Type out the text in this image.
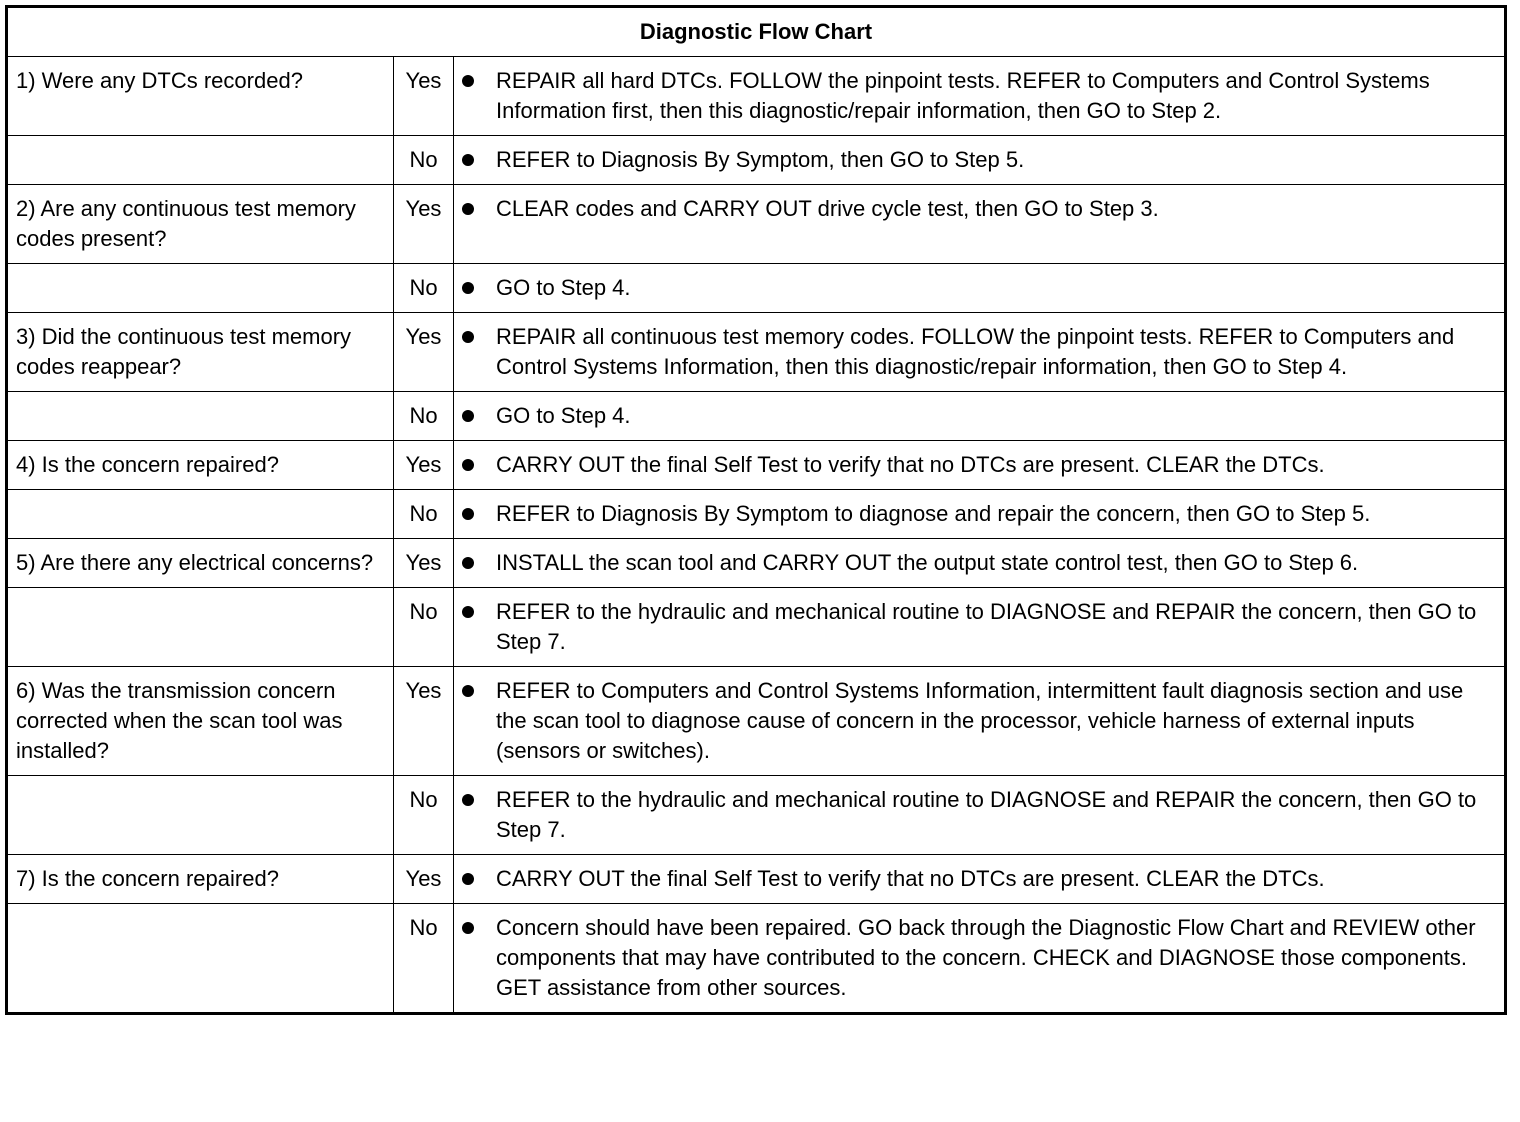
Diagnostic Flow Chart		
1) Were any DTCs recorded?	Yes	REPAIR all hard DTCs. FOLLOW the pinpoint tests. REFER to Computers and Control Systems Information first, then this diagnostic/repair information, then GO to Step 2.

	No	REFER to Diagnosis By Symptom, then GO to Step 5.

2) Are any continuous test memory codes present?	Yes	CLEAR codes and CARRY OUT drive cycle test, then GO to Step 3.

	No	GO to Step 4.

3) Did the continuous test memory codes reappear?	Yes	REPAIR all continuous test memory codes. FOLLOW the pinpoint tests. REFER to Computers and Control Systems Information, then this diagnostic/repair information, then GO to Step 4.

	No	GO to Step 4.

4) Is the concern repaired?	Yes	CARRY OUT the final Self Test to verify that no DTCs are present. CLEAR the DTCs.

	No	REFER to Diagnosis By Symptom to diagnose and repair the concern, then GO to Step 5.

5) Are there any electrical concerns?	Yes	INSTALL the scan tool and CARRY OUT the output state control test, then GO to Step 6.

	No	REFER to the hydraulic and mechanical routine to DIAGNOSE and REPAIR the concern, then GO to Step 7.

6) Was the transmission concern corrected when the scan tool was installed?	Yes	REFER to Computers and Control Systems Information, intermittent fault diagnosis section and use the scan tool to diagnose cause of concern in the processor, vehicle harness of external inputs (sensors or switches).

	No	REFER to the hydraulic and mechanical routine to DIAGNOSE and REPAIR the concern, then GO to Step 7.

7) Is the concern repaired?	Yes	CARRY OUT the final Self Test to verify that no DTCs are present. CLEAR the DTCs.

	No	Concern should have been repaired. GO back through the Diagnostic Flow Chart and REVIEW other components that may have contributed to the concern. CHECK and DIAGNOSE those components. GET assistance from other sources.
